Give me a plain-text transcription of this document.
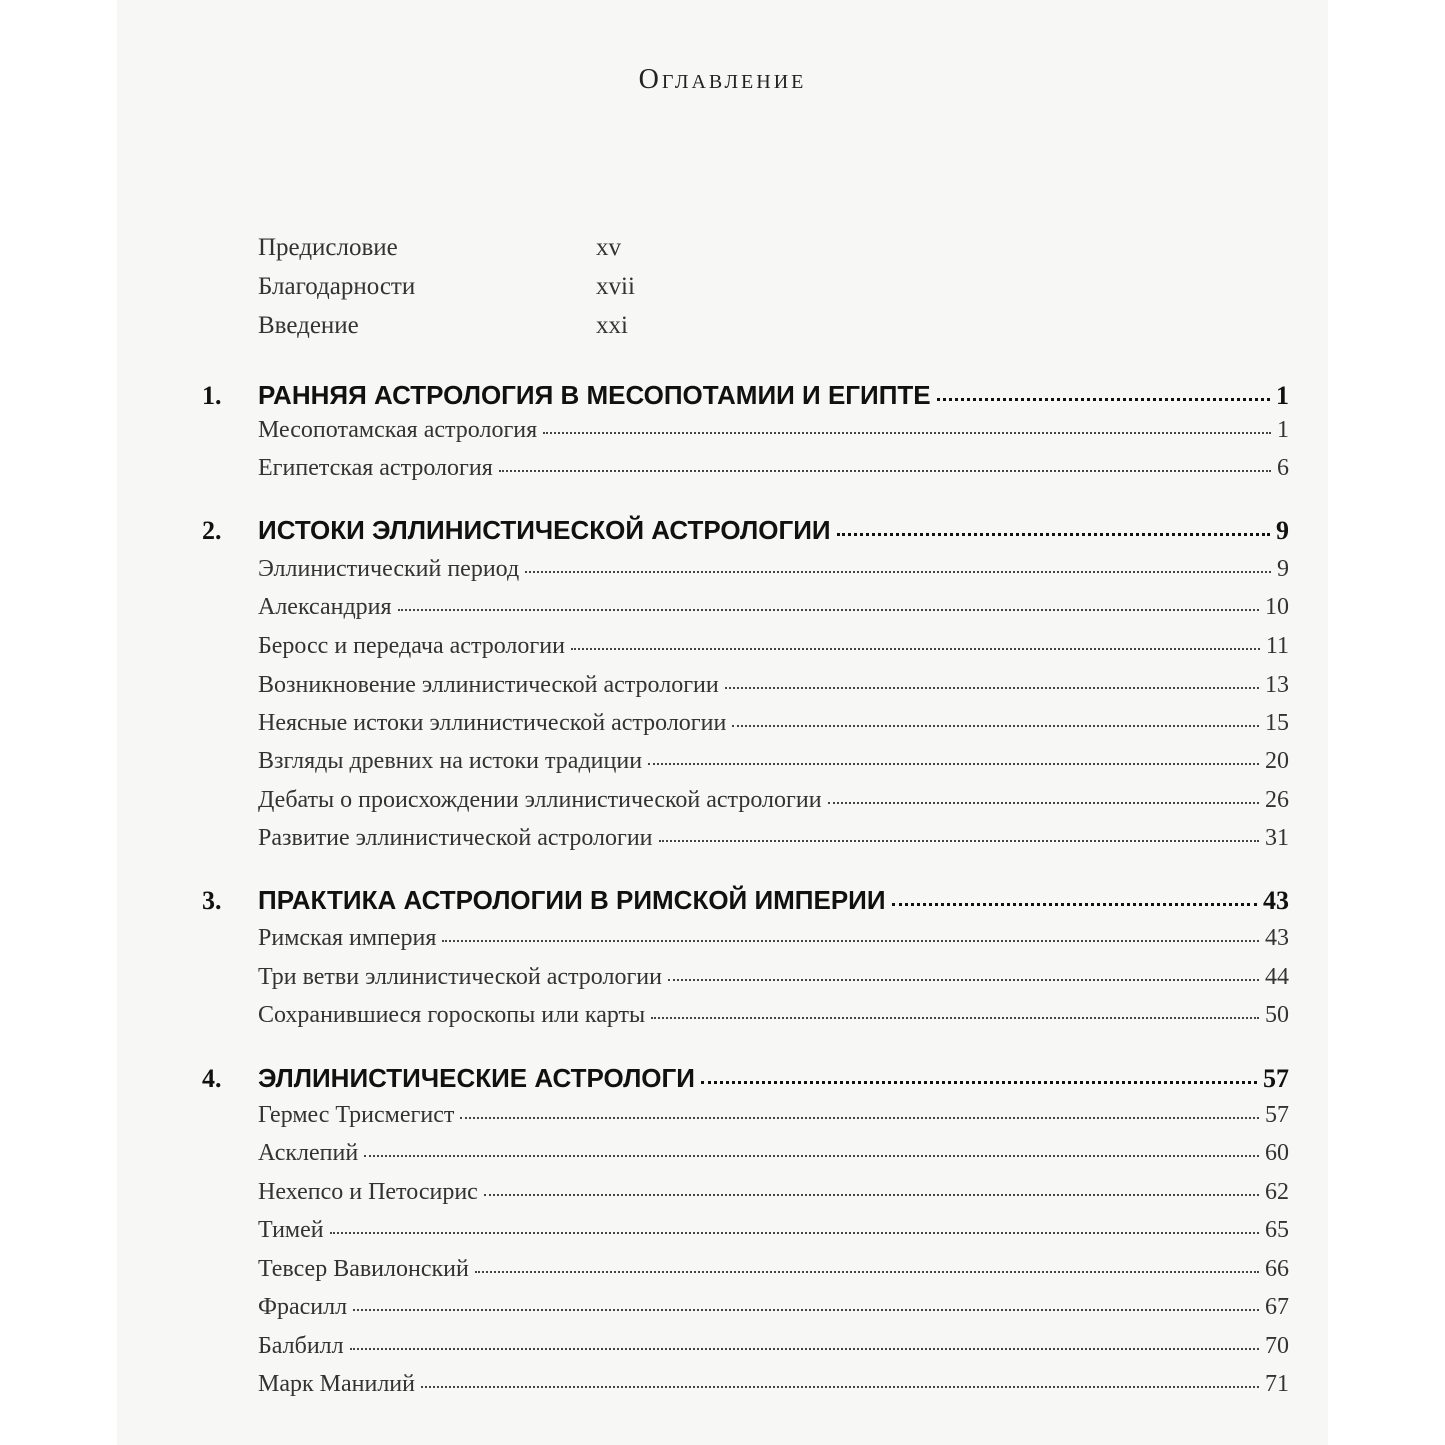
Оглавление
Предисловие	xv
Благодарности	xvii
Введение	xxi
1.	РАННЯЯ АСТРОЛОГИЯ В МЕСОПОТАМИИ И ЕГИПТЕ	1
Месопотамская астрология	1
Египетская астрология	6
2.	ИСТОКИ ЭЛЛИНИСТИЧЕСКОЙ АСТРОЛОГИИ	9
Эллинистический период	9
Александрия	10
Беросс и передача астрологии	11
Возникновение эллинистической астрологии	13
Неясные истоки эллинистической астрологии	15
Взгляды древних на истоки традиции	20
Дебаты о происхождении эллинистической астрологии	26
Развитие эллинистической астрологии	31
3.	ПРАКТИКА АСТРОЛОГИИ В РИМСКОЙ ИМПЕРИИ	43
Римская империя	43
Три ветви эллинистической астрологии	44
Сохранившиеся гороскопы или карты	50
4.	ЭЛЛИНИСТИЧЕСКИЕ АСТРОЛОГИ	57
Гермес Трисмегист	57
Асклепий	60
Нехепсо и Петосирис	62
Тимей	65
Тевсер Вавилонский	66
Фрасилл	67
Балбилл	70
Марк Манилий	71
